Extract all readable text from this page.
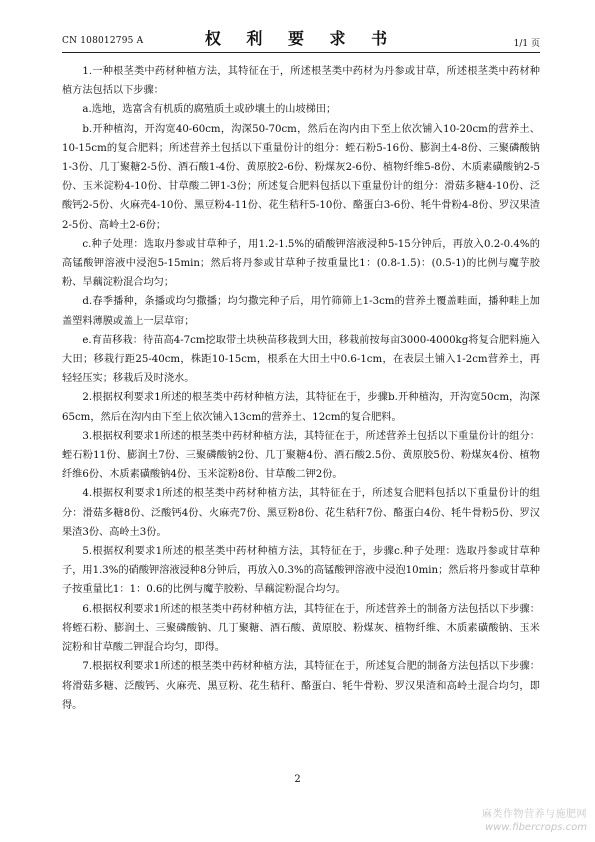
CN 108012795 A	权 利 要 求 书	1/1 页

1.一种根茎类中药材种植方法，其特征在于，所述根茎类中药材为丹参或甘草，所述根茎类中药材种植方法包括以下步骤：

a.选地，选富含有机质的腐殖质土或砂壤土的山坡梯田；

b.开种植沟，开沟宽40-60cm，沟深50-70cm，然后在沟内由下至上依次铺入10-20cm的营养土、10-15cm的复合肥料；所述营养土包括以下重量份计的组分：蛭石粉5-16份、膨润土4-8份、三聚磷酸钠1-3份、几丁聚糖2-5份、酒石酸1-4份、黄原胶2-6份、粉煤灰2-6份、植物纤维5-8份、木质素磺酸钠2-5份、玉米淀粉4-10份、甘草酸二钾1-3份；所述复合肥料包括以下重量份计的组分：滑菇多糖4-10份、泛酸钙2-5份、火麻壳4-10份、黑豆粉4-11份、花生秸秆5-10份、酪蛋白3-6份、牦牛骨粉4-8份、罗汉果渣2-5份、高岭土2-6份；

c.种子处理：选取丹参或甘草种子，用1.2-1.5%的硝酸钾溶液浸种5-15分钟后，再放入0.2-0.4%的高锰酸钾溶液中浸泡5-15min；然后将丹参或甘草种子按重量比1：(0.8-1.5)：(0.5-1)的比例与魔芋胶粉、旱藕淀粉混合均匀；

d.春季播种，条播或均匀撒播；均匀撒完种子后，用竹筛筛上1-3cm的营养土覆盖畦面，播种畦上加盖塑料薄膜或盖上一层草帘；

e.育苗移栽：待苗高4-7cm挖取带土块秧苗移栽到大田，移栽前按每亩3000-4000kg将复合肥料施入大田；移栽行距25-40cm，株距10-15cm，根系在大田土中0.6-1cm，在表层土铺入1-2cm营养土，再轻轻压实；移栽后及时浇水。

2.根据权利要求1所述的根茎类中药材种植方法，其特征在于，步骤b.开种植沟，开沟宽50cm，沟深65cm，然后在沟内由下至上依次铺入13cm的营养土、12cm的复合肥料。

3.根据权利要求1所述的根茎类中药材种植方法，其特征在于，所述营养土包括以下重量份计的组分：蛭石粉11份、膨润土7份、三聚磷酸钠2份、几丁聚糖4份、酒石酸2.5份、黄原胶5份、粉煤灰4份、植物纤维6份、木质素磺酸钠4份、玉米淀粉8份、甘草酸二钾2份。

4.根据权利要求1所述的根茎类中药材种植方法，其特征在于，所述复合肥料包括以下重量份计的组分：滑菇多糖8份、泛酸钙4份、火麻壳7份、黑豆粉8份、花生秸秆7份、酪蛋白4份、牦牛骨粉5份、罗汉果渣3份、高岭土3份。

5.根据权利要求1所述的根茎类中药材种植方法，其特征在于，步骤c.种子处理：选取丹参或甘草种子，用1.3%的硝酸钾溶液浸种8分钟后，再放入0.3%的高锰酸钾溶液中浸泡10min；然后将丹参或甘草种子按重量比1：1：0.6的比例与魔芋胶粉、旱藕淀粉混合均匀。

6.根据权利要求1所述的根茎类中药材种植方法，其特征在于，所述营养土的制备方法包括以下步骤：将蛭石粉、膨润土、三聚磷酸钠、几丁聚糖、酒石酸、黄原胶、粉煤灰、植物纤维、木质素磺酸钠、玉米淀粉和甘草酸二钾混合均匀，即得。

7.根据权利要求1所述的根茎类中药材种植方法，其特征在于，所述复合肥的制备方法包括以下步骤：将滑菇多糖、泛酸钙、火麻壳、黑豆粉、花生秸秆、酪蛋白、牦牛骨粉、罗汉果渣和高岭土混合均匀，即得。

2
麻类作物营养与施肥网
www.fibercrops.com
